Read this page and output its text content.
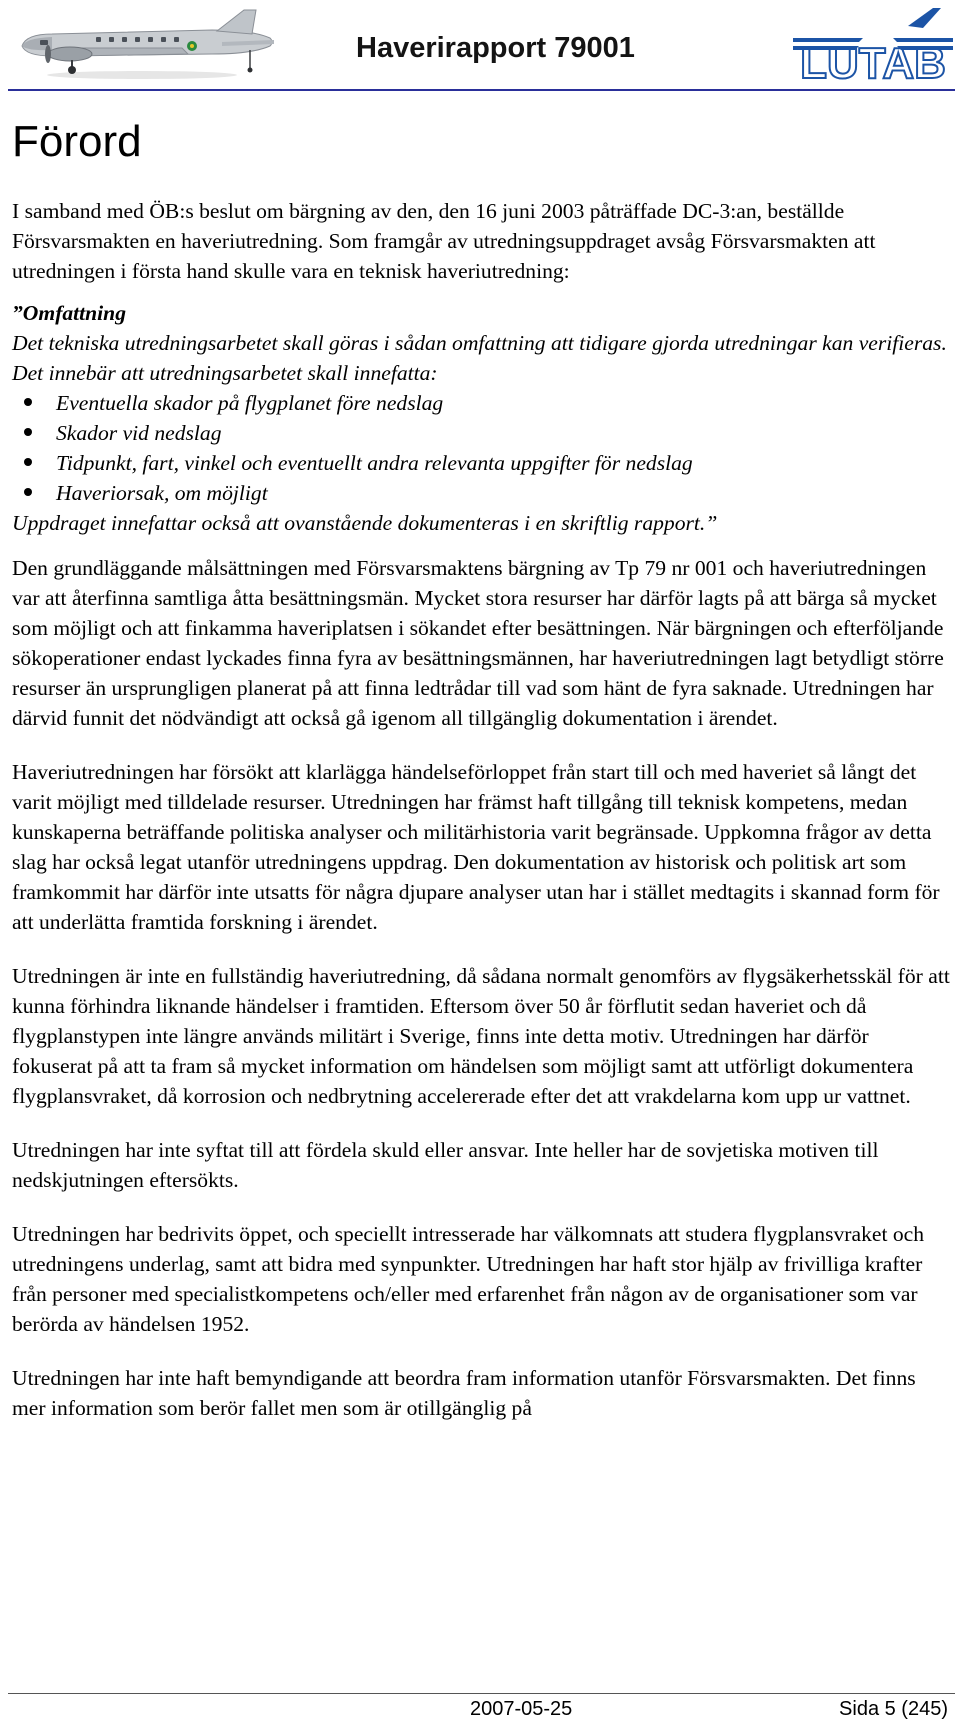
Haverirapport 79001	LUTAB
Förord

I samband med ÖB:s beslut om bärgning av den, den 16 juni 2003 påträffade DC-3:an, beställde Försvarsmakten en haveriutredning. Som framgår av utredningsuppdraget avsåg Försvarsmakten att utredningen i första hand skulle vara en teknisk haveriutredning:

”Omfattning
Det tekniska utredningsarbetet skall göras i sådan omfattning att tidigare gjorda utredningar kan verifieras. Det innebär att utredningsarbetet skall innefatta:
Eventuella skador på flygplanet före nedslag
Skador vid nedslag
Tidpunkt, fart, vinkel och eventuellt andra relevanta uppgifter för nedslag
Haveriorsak, om möjligt
Uppdraget innefattar också att ovanstående dokumenteras i en skriftlig rapport.”

Den grundläggande målsättningen med Försvarsmaktens bärgning av Tp 79 nr 001 och haveriutredningen var att återfinna samtliga åtta besättningsmän. Mycket stora resurser har därför lagts på att bärga så mycket som möjligt och att finkamma haveriplatsen i sökandet efter besättningen. När bärgningen och efterföljande sökoperationer endast lyckades finna fyra av besättningsmännen, har haveriutredningen lagt betydligt större resurser än ursprungligen planerat på att finna ledtrådar till vad som hänt de fyra saknade. Utredningen har därvid funnit det nödvändigt att också gå igenom all tillgänglig dokumentation i ärendet.

Haveriutredningen har försökt att klarlägga händelseförloppet från start till och med haveriet så långt det varit möjligt med tilldelade resurser. Utredningen har främst haft tillgång till teknisk kompetens, medan kunskaperna beträffande politiska analyser och militärhistoria varit begränsade. Uppkomna frågor av detta slag har också legat utanför utredningens uppdrag. Den dokumentation av historisk och politisk art som framkommit har därför inte utsatts för några djupare analyser utan har i stället medtagits i skannad form för att underlätta framtida forskning i ärendet.

Utredningen är inte en fullständig haveriutredning, då sådana normalt genomförs av flygsäkerhetsskäl för att kunna förhindra liknande händelser i framtiden. Eftersom över 50 år förflutit sedan haveriet och då flygplanstypen inte längre används militärt i Sverige, finns inte detta motiv. Utredningen har därför fokuserat på att ta fram så mycket information om händelsen som möjligt samt att utförligt dokumentera flygplansvraket, då korrosion och nedbrytning accelererade efter det att vrakdelarna kom upp ur vattnet.

Utredningen har inte syftat till att fördela skuld eller ansvar. Inte heller har de sovjetiska motiven till nedskjutningen eftersökts.

Utredningen har bedrivits öppet, och speciellt intresserade har välkomnats att studera flygplansvraket och utredningens underlag, samt att bidra med synpunkter. Utredningen har haft stor hjälp av frivilliga krafter från personer med specialistkompetens och/eller med erfarenhet från någon av de organisationer som var berörda av händelsen 1952.

Utredningen har inte haft bemyndigande att beordra fram information utanför Försvarsmakten. Det finns mer information som berör fallet men som är otillgänglig på

2007-05-25	Sida 5 (245)
